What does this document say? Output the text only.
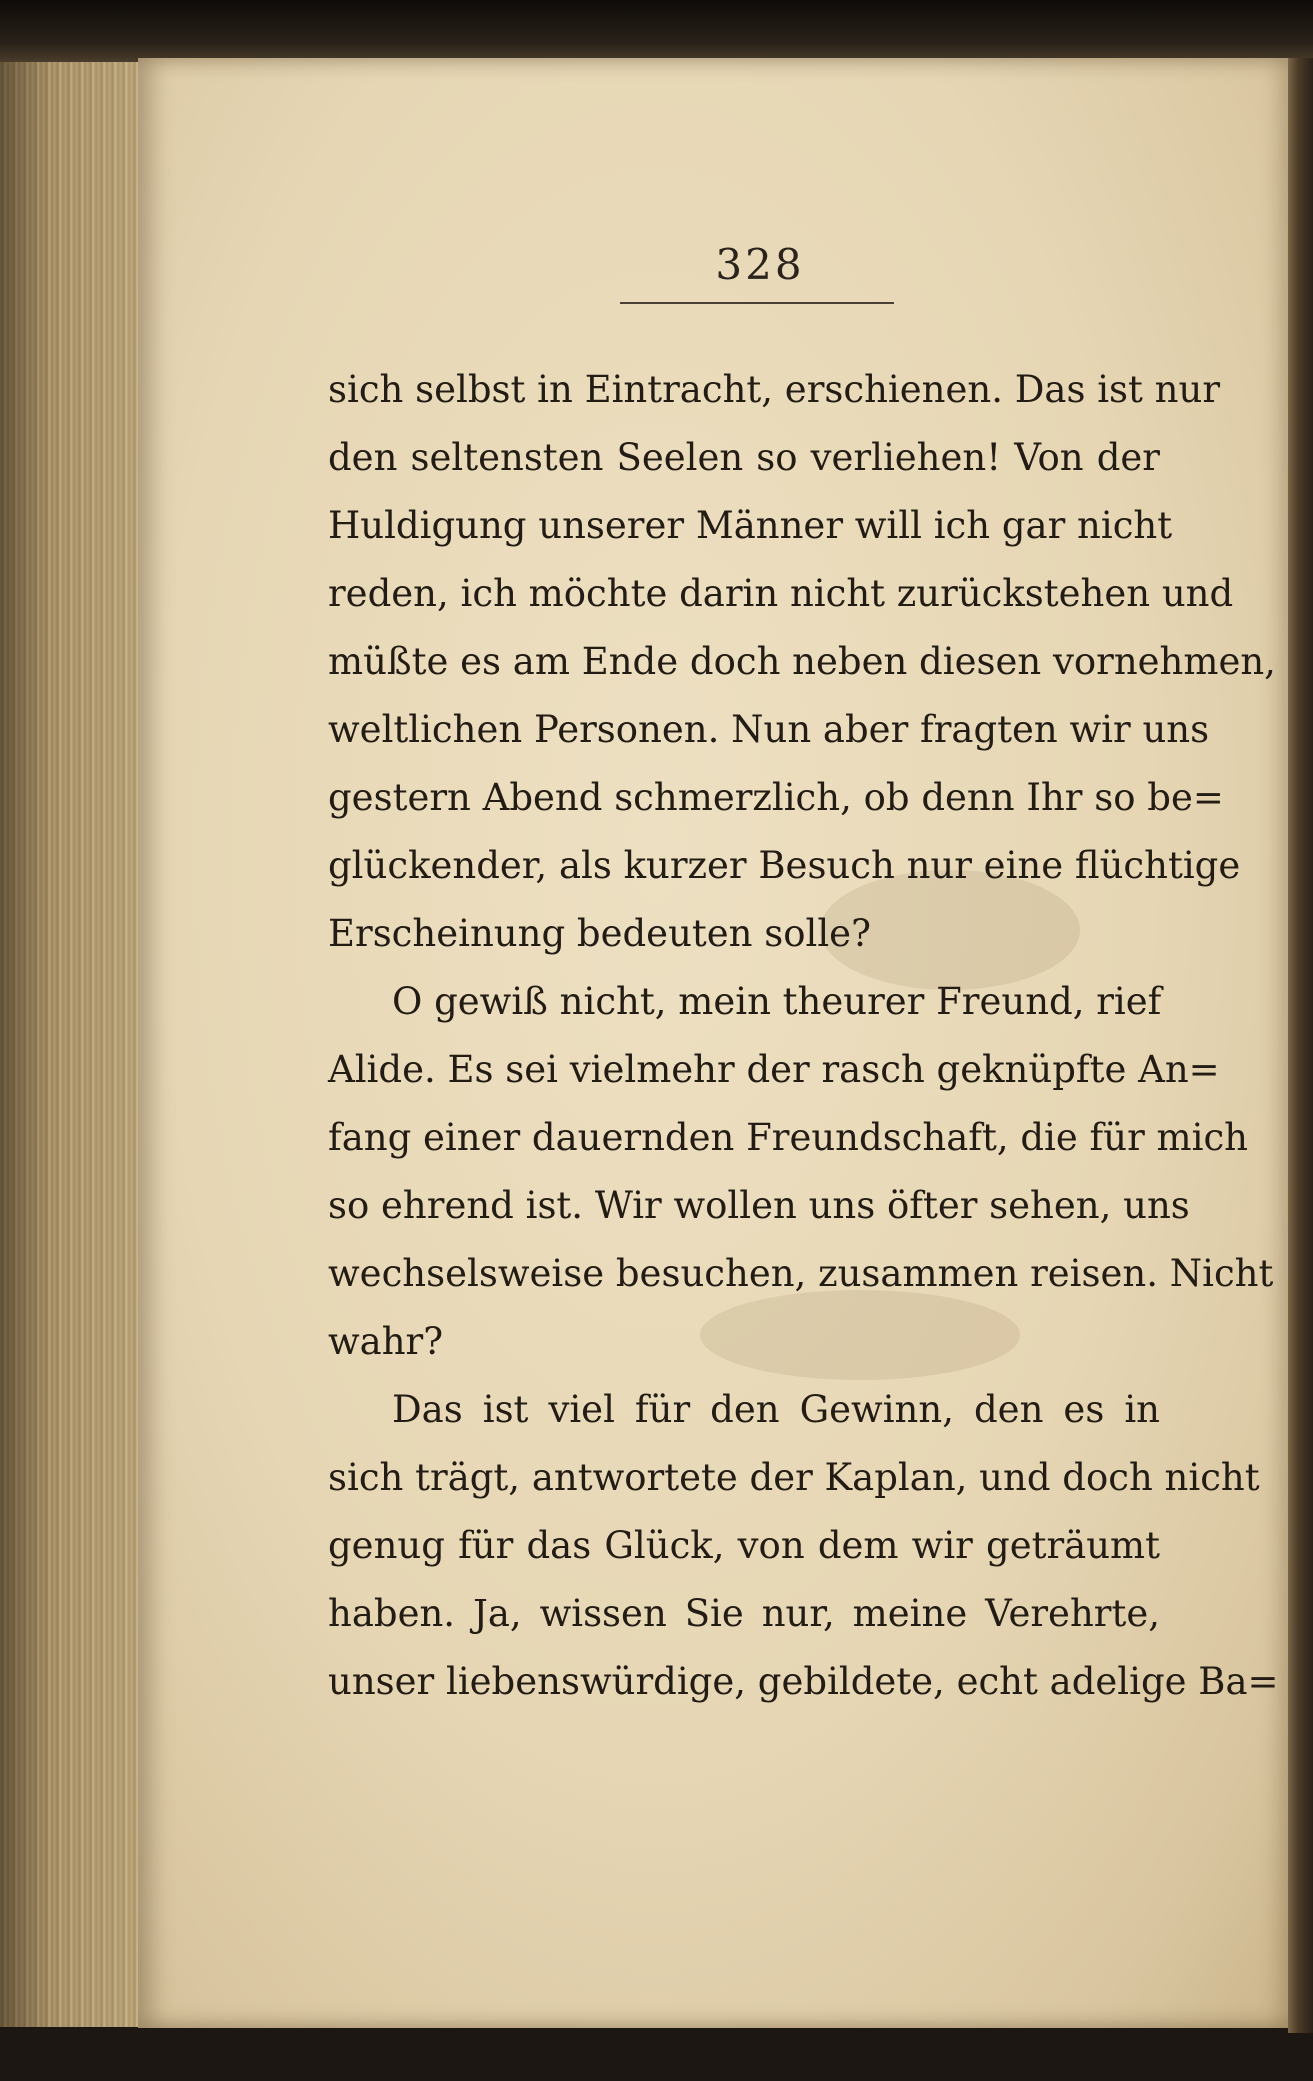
328
sich selbst in Eintracht, erschienen. Das ist nur
den seltensten Seelen so verliehen! Von der
Huldigung unserer Männer will ich gar nicht
reden, ich möchte darin nicht zurückstehen und
müßte es am Ende doch neben diesen vornehmen,
weltlichen Personen. Nun aber fragten wir uns
gestern Abend schmerzlich, ob denn Ihr so be=
glückender, als kurzer Besuch nur eine flüchtige
Erscheinung bedeuten solle?
O gewiß nicht, mein theurer Freund, rief
Alide. Es sei vielmehr der rasch geknüpfte An=
fang einer dauernden Freundschaft, die für mich
so ehrend ist. Wir wollen uns öfter sehen, uns
wechselsweise besuchen, zusammen reisen. Nicht
wahr?
Das ist viel für den Gewinn, den es in
sich trägt, antwortete der Kaplan, und doch nicht
genug für das Glück, von dem wir geträumt
haben. Ja, wissen Sie nur, meine Verehrte,
unser liebenswürdige, gebildete, echt adelige Ba=
